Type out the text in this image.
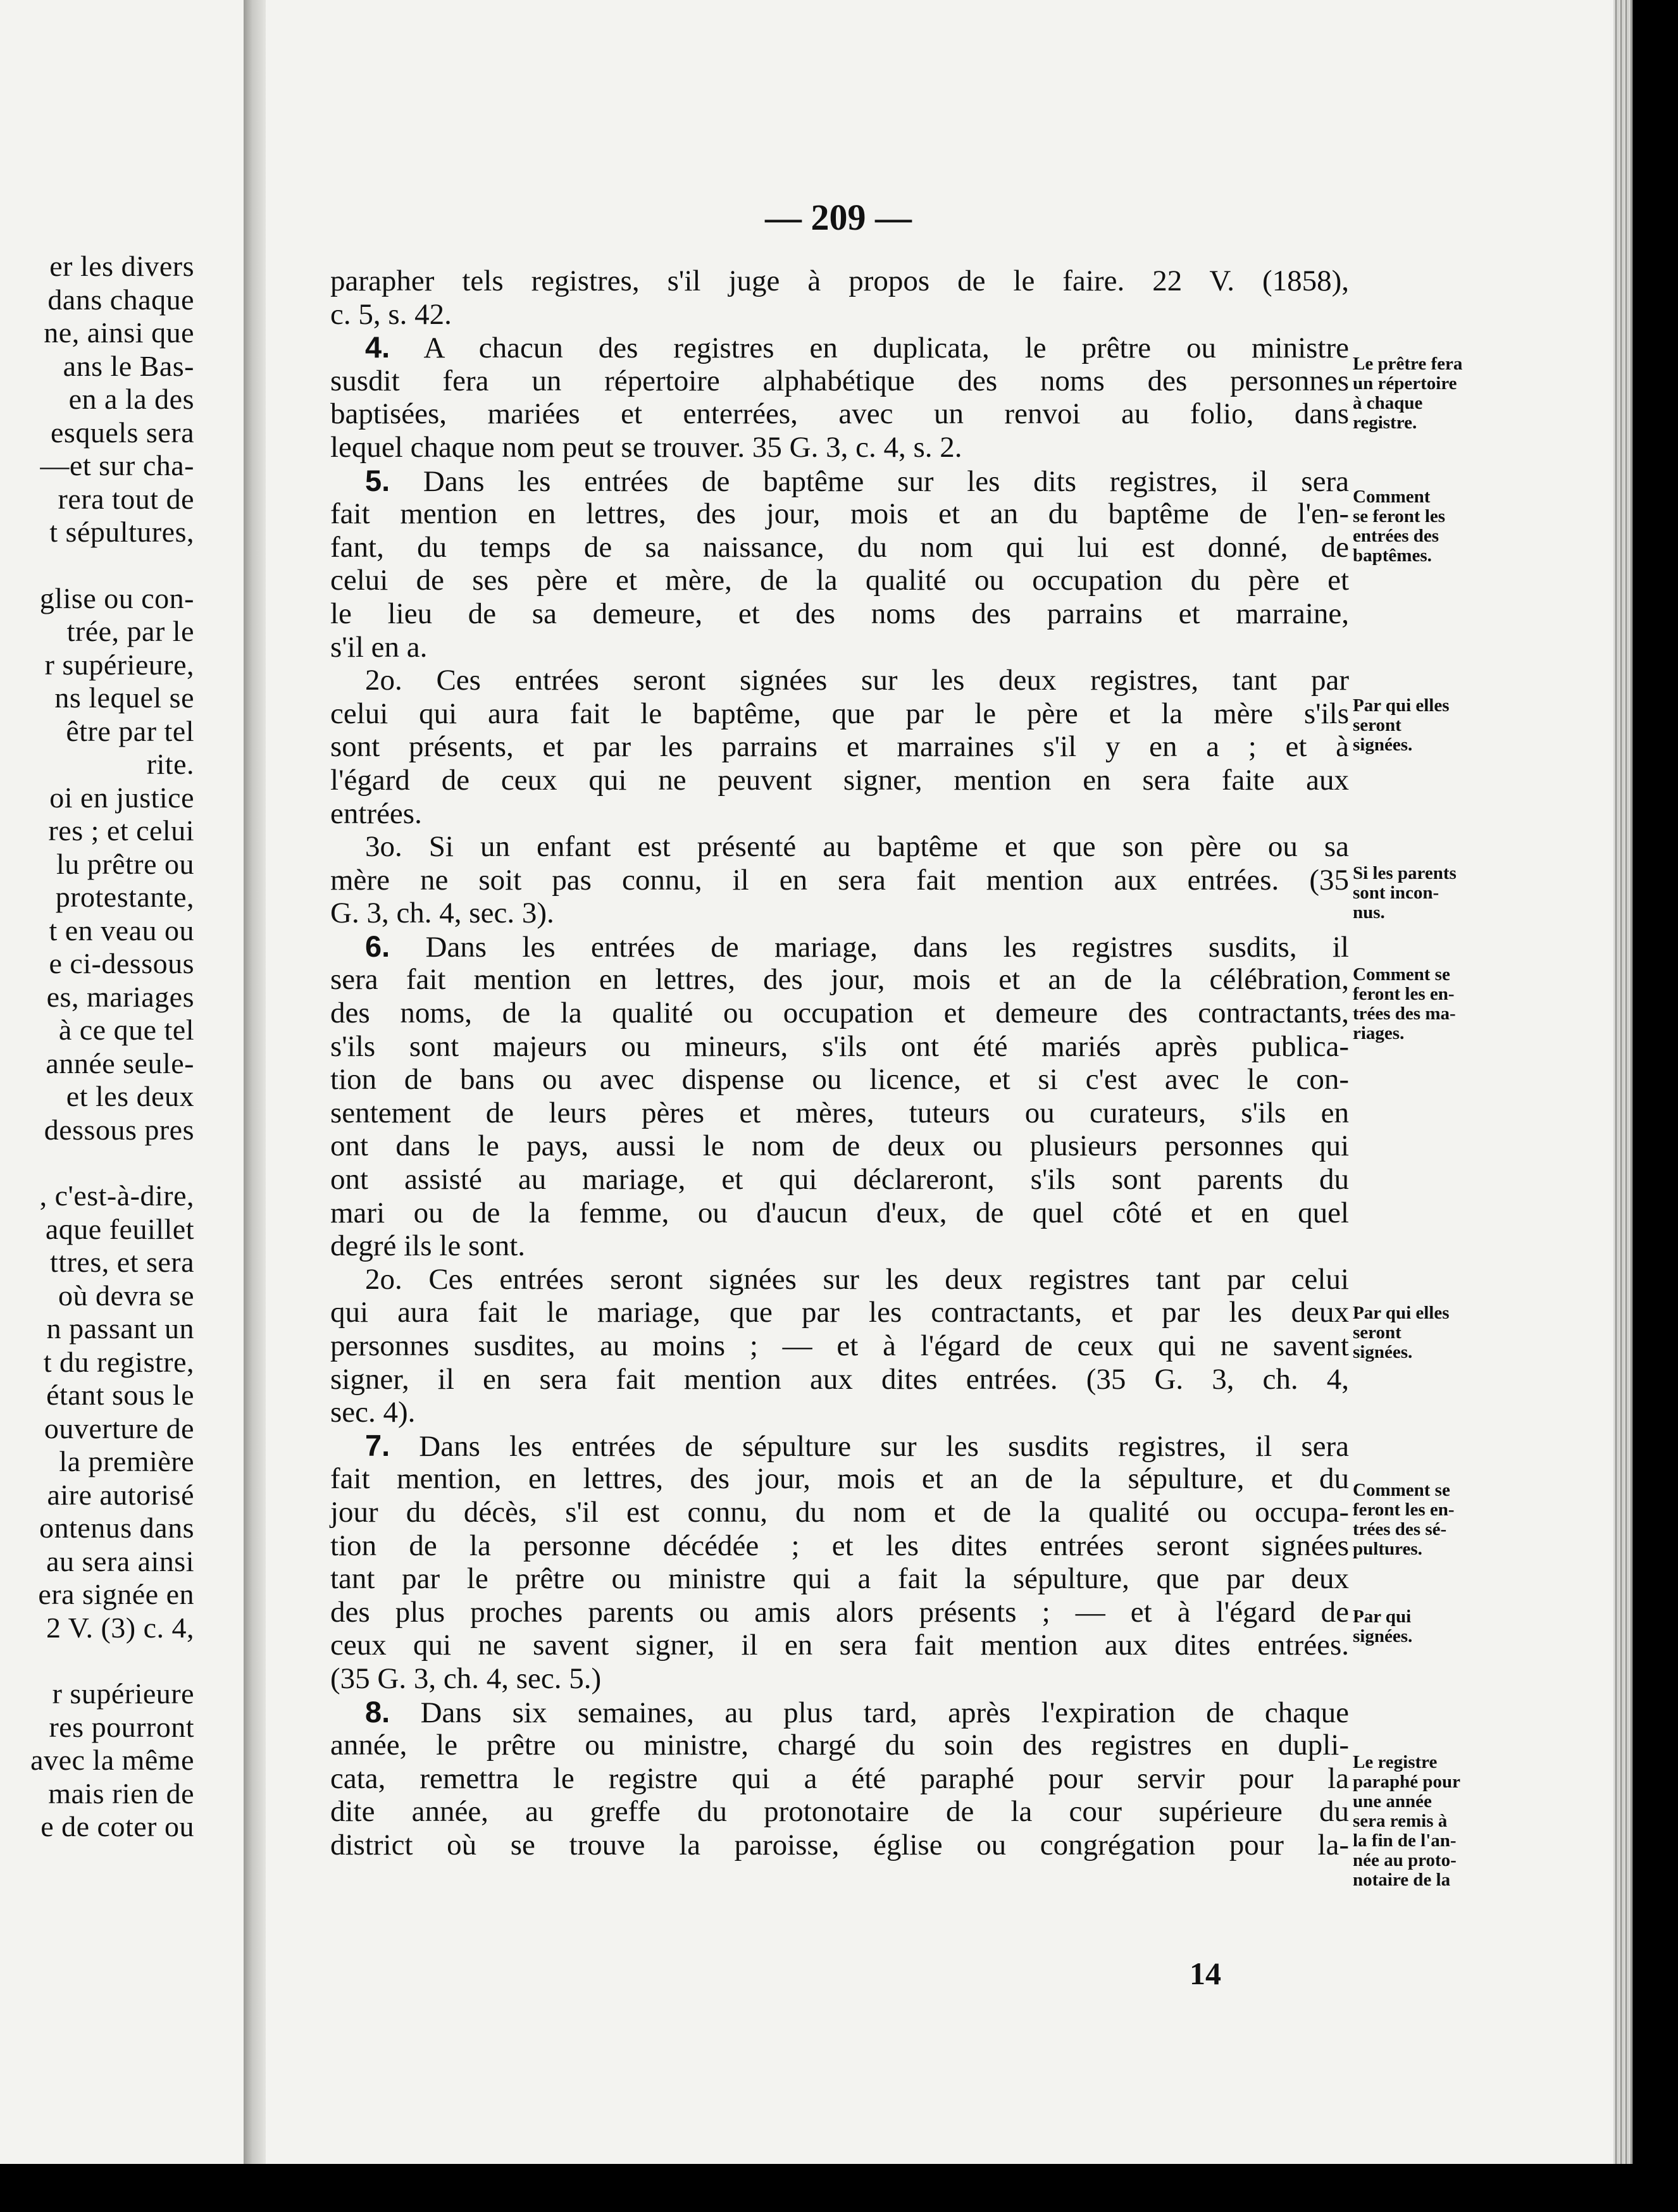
er les divers
dans chaque
ne, ainsi que
ans le Bas-
en a la des
esquels sera
—et sur cha-
rera tout de
t sépultures,
glise ou con-
trée, par le
r supérieure,
ns lequel se
être par tel
rite.
oi en justice
res ; et celui
lu prêtre ou
protestante,
t en veau ou
e ci-dessous
es, mariages
à ce que tel
année seule-
et les deux
dessous pres
, c'est-à-dire,
aque feuillet
ttres, et sera
où devra se
n passant un
t du registre,
étant sous le
ouverture de
la première
aire autorisé
ontenus dans
au sera ainsi
era signée en
2 V. (3) c. 4,
r supérieure
res pourront
avec la même
mais rien de
e de coter ou
— 209 —
parapher tels registres, s'il juge à propos de le faire. 22 V. (1858),
c. 5, s. 42.
4. A chacun des registres en duplicata, le prêtre ou ministre
susdit fera un répertoire alphabétique des noms des personnes
baptisées, mariées et enterrées, avec un renvoi au folio, dans
lequel chaque nom peut se trouver. 35 G. 3, c. 4, s. 2.
5. Dans les entrées de baptême sur les dits registres, il sera
fait mention en lettres, des jour, mois et an du baptême de l'en-
fant, du temps de sa naissance, du nom qui lui est donné, de
celui de ses père et mère, de la qualité ou occupation du père et
le lieu de sa demeure, et des noms des parrains et marraine,
s'il en a.
2o. Ces entrées seront signées sur les deux registres, tant par
celui qui aura fait le baptême, que par le père et la mère s'ils
sont présents, et par les parrains et marraines s'il y en a ; et à
l'égard de ceux qui ne peuvent signer, mention en sera faite aux
entrées.
3o. Si un enfant est présenté au baptême et que son père ou sa
mère ne soit pas connu, il en sera fait mention aux entrées. (35
G. 3, ch. 4, sec. 3).
6. Dans les entrées de mariage, dans les registres susdits, il
sera fait mention en lettres, des jour, mois et an de la célébration,
des noms, de la qualité ou occupation et demeure des contractants,
s'ils sont majeurs ou mineurs, s'ils ont été mariés après publica-
tion de bans ou avec dispense ou licence, et si c'est avec le con-
sentement de leurs pères et mères, tuteurs ou curateurs, s'ils en
ont dans le pays, aussi le nom de deux ou plusieurs personnes qui
ont assisté au mariage, et qui déclareront, s'ils sont parents du
mari ou de la femme, ou d'aucun d'eux, de quel côté et en quel
degré ils le sont.
2o. Ces entrées seront signées sur les deux registres tant par celui
qui aura fait le mariage, que par les contractants, et par les deux
personnes susdites, au moins ; — et à l'égard de ceux qui ne savent
signer, il en sera fait mention aux dites entrées. (35 G. 3, ch. 4,
sec. 4).
7. Dans les entrées de sépulture sur les susdits registres, il sera
fait mention, en lettres, des jour, mois et an de la sépulture, et du
jour du décès, s'il est connu, du nom et de la qualité ou occupa-
tion de la personne décédée ; et les dites entrées seront signées
tant par le prêtre ou ministre qui a fait la sépulture, que par deux
des plus proches parents ou amis alors présents ; — et à l'égard de
ceux qui ne savent signer, il en sera fait mention aux dites entrées.
(35 G. 3, ch. 4, sec. 5.)
8. Dans six semaines, au plus tard, après l'expiration de chaque
année, le prêtre ou ministre, chargé du soin des registres en dupli-
cata, remettra le registre qui a été paraphé pour servir pour la
dite année, au greffe du protonotaire de la cour supérieure du
district où se trouve la paroisse, église ou congrégation pour la-
Le prêtre fera
un répertoire
à chaque
registre.
Comment
se feront les
entrées des
baptêmes.
Par qui elles
seront
signées.
Si les parents
sont incon-
nus.
Comment se
feront les en-
trées des ma-
riages.
Par qui elles
seront
signées.
Comment se
feront les en-
trées des sé-
pultures.
Par qui
signées.
Le registre
paraphé pour
une année
sera remis à
la fin de l'an-
née au proto-
notaire de la
14
